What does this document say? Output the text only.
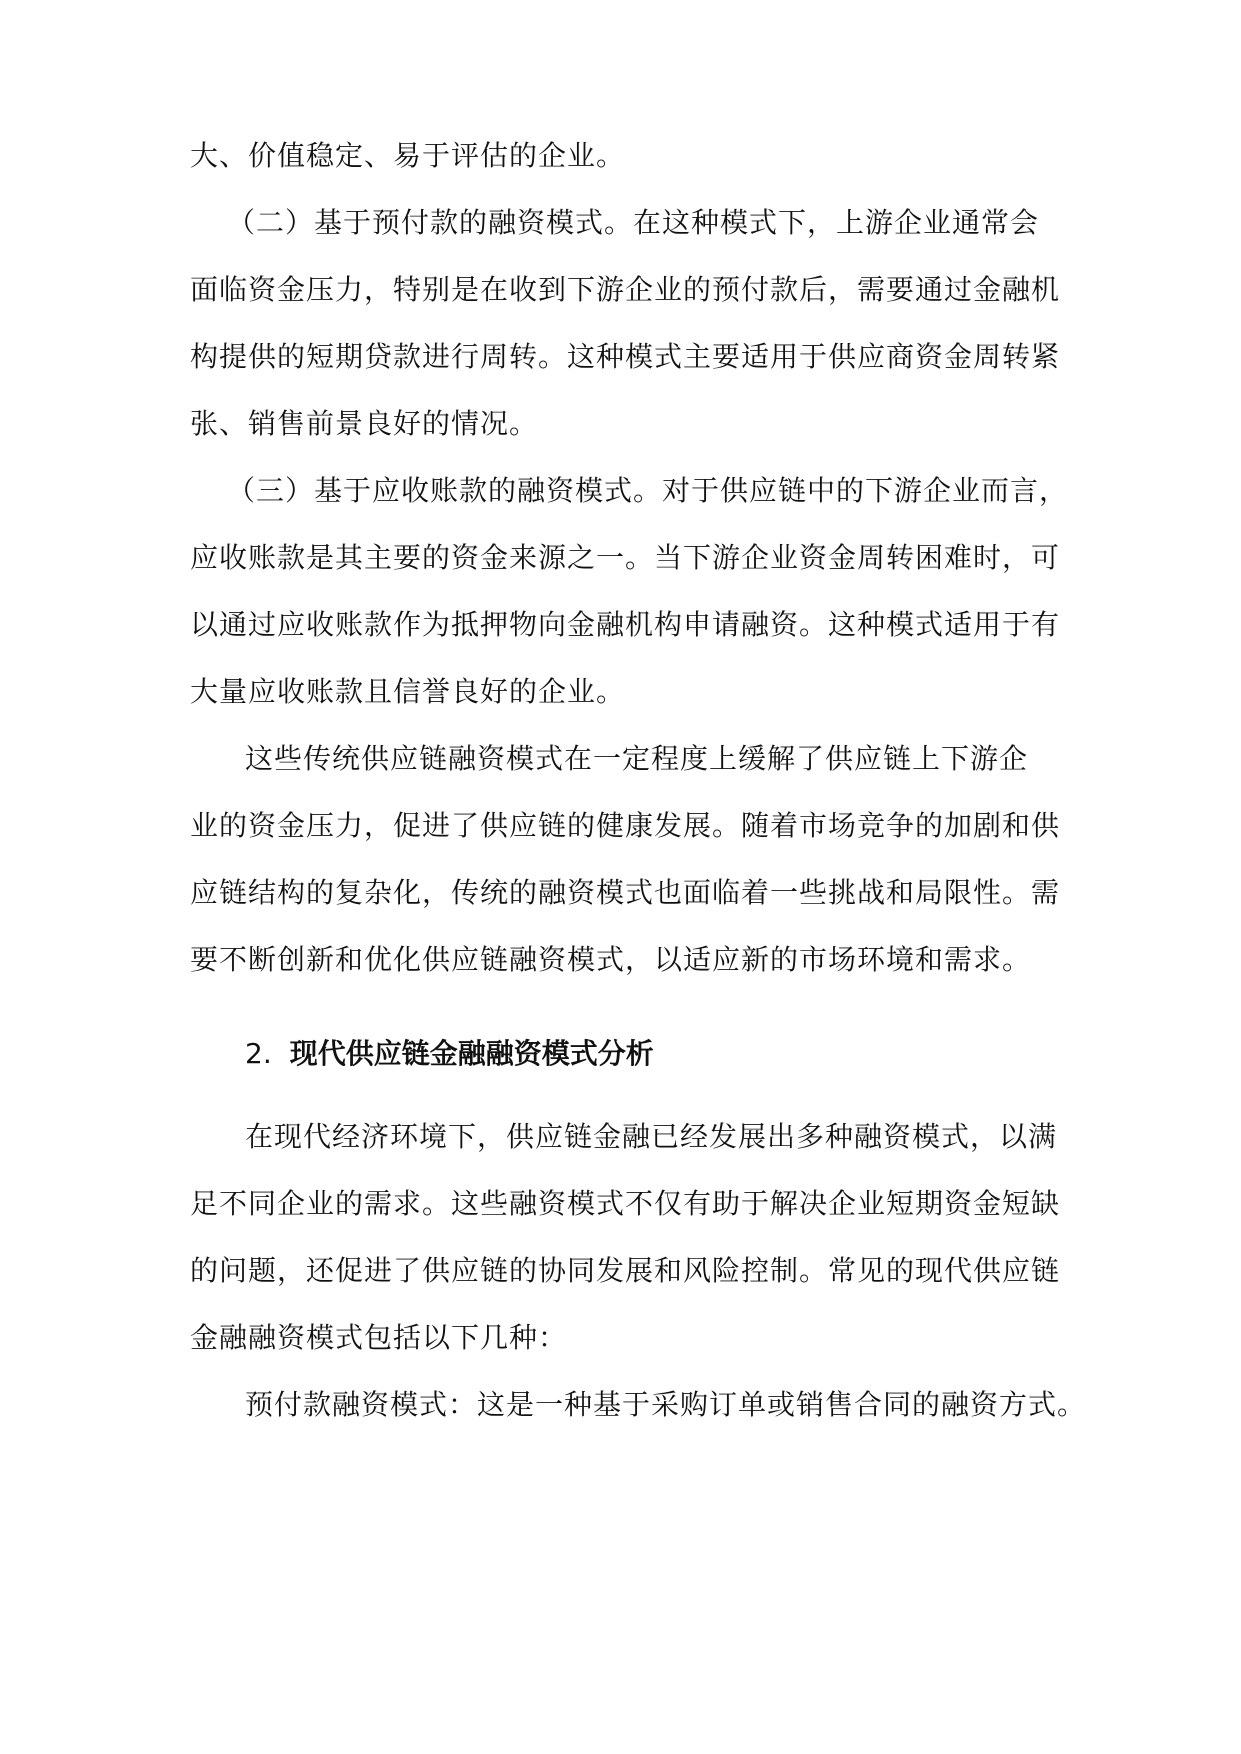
大、价值稳定、易于评估的企业。
（二）基于预付款的融资模式。在这种模式下，上游企业通常会
面临资金压力，特别是在收到下游企业的预付款后，需要通过金融机
构提供的短期贷款进行周转。这种模式主要适用于供应商资金周转紧
张、销售前景良好的情况。
（三）基于应收账款的融资模式。对于供应链中的下游企业而言，
应收账款是其主要的资金来源之一。当下游企业资金周转困难时，可
以通过应收账款作为抵押物向金融机构申请融资。这种模式适用于有
大量应收账款且信誉良好的企业。
这些传统供应链融资模式在一定程度上缓解了供应链上下游企
业的资金压力，促进了供应链的健康发展。随着市场竞争的加剧和供
应链结构的复杂化，传统的融资模式也面临着一些挑战和局限性。需
要不断创新和优化供应链融资模式，以适应新的市场环境和需求。
2. 现代供应链金融融资模式分析
在现代经济环境下，供应链金融已经发展出多种融资模式，以满
足不同企业的需求。这些融资模式不仅有助于解决企业短期资金短缺
的问题，还促进了供应链的协同发展和风险控制。常见的现代供应链
金融融资模式包括以下几种：
预付款融资模式：这是一种基于采购订单或销售合同的融资方式。
